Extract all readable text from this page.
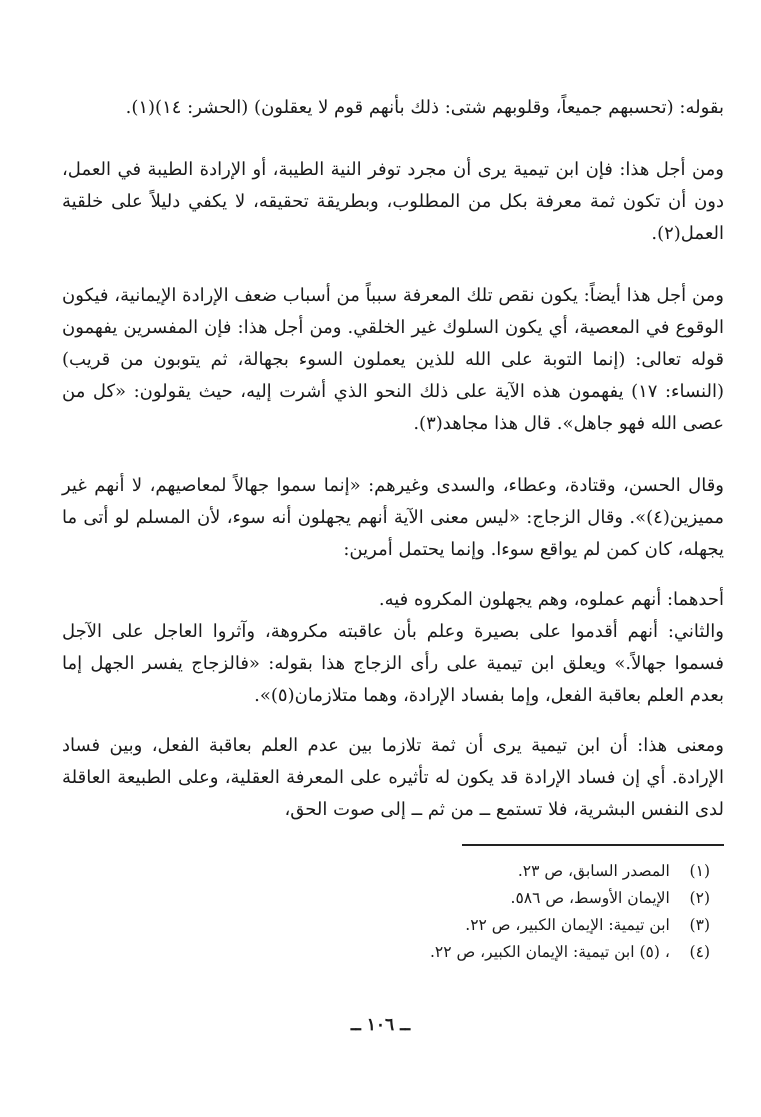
بقوله: (تحسبهم جميعاً، وقلوبهم شتى: ذلك بأنهم قوم لا يعقلون) (الحشر: ١٤)(١).

ومن أجل هذا: فإن ابن تيمية يرى أن مجرد توفر النية الطيبة، أو الإرادة الطيبة في العمل، دون أن تكون ثمة معرفة بكل من المطلوب، وبطريقة تحقيقه، لا يكفي دليلاً على خلقية العمل(٢).

ومن أجل هذا أيضاً: يكون نقص تلك المعرفة سبباً من أسباب ضعف الإرادة الإيمانية، فيكون الوقوع في المعصية، أي يكون السلوك غير الخلقي. ومن أجل هذا: فإن المفسرين يفهمون قوله تعالى: (إنما التوبة على الله للذين يعملون السوء بجهالة، ثم يتوبون من قريب) (النساء: ١٧) يفهمون هذه الآية على ذلك النحو الذي أشرت إليه، حيث يقولون: «كل من عصى الله فهو جاهل». قال هذا مجاهد(٣).

وقال الحسن، وقتادة، وعطاء، والسدى وغيرهم: «إنما سموا جهالاً لمعاصيهم، لا أنهم غير مميزين(٤)». وقال الزجاج: «ليس معنى الآية أنهم يجهلون أنه سوء، لأن المسلم لو أتى ما يجهله، كان كمن لم يواقع سوءا. وإنما يحتمل أمرين:

أحدهما: أنهم عملوه، وهم يجهلون المكروه فيه.

والثاني: أنهم أقدموا على بصيرة وعلم بأن عاقبته مكروهة، وآثروا العاجل على الآجل فسموا جهالاً.» ويعلق ابن تيمية على رأى الزجاج هذا بقوله: «فالزجاج يفسر الجهل إما بعدم العلم بعاقبة الفعل، وإما بفساد الإرادة، وهما متلازمان(٥)».

ومعنى هذا: أن ابن تيمية يرى أن ثمة تلازما بين عدم العلم بعاقبة الفعل، وبين فساد الإرادة. أي إن فساد الإرادة قد يكون له تأثيره على المعرفة العقلية، وعلى الطبيعة العاقلة لدى النفس البشرية، فلا تستمع ــ من ثم ــ إلى صوت الحق،

(١)    المصدر السابق، ص ٢٣.

(٢)    الإيمان الأوسط، ص ٥٨٦.

(٣)    ابن تيمية: الإيمان الكبير، ص ٢٢.

(٤)    ، (٥) ابن تيمية: الإيمان الكبير، ص ٢٢.

ــ ١٠٦ ــ
